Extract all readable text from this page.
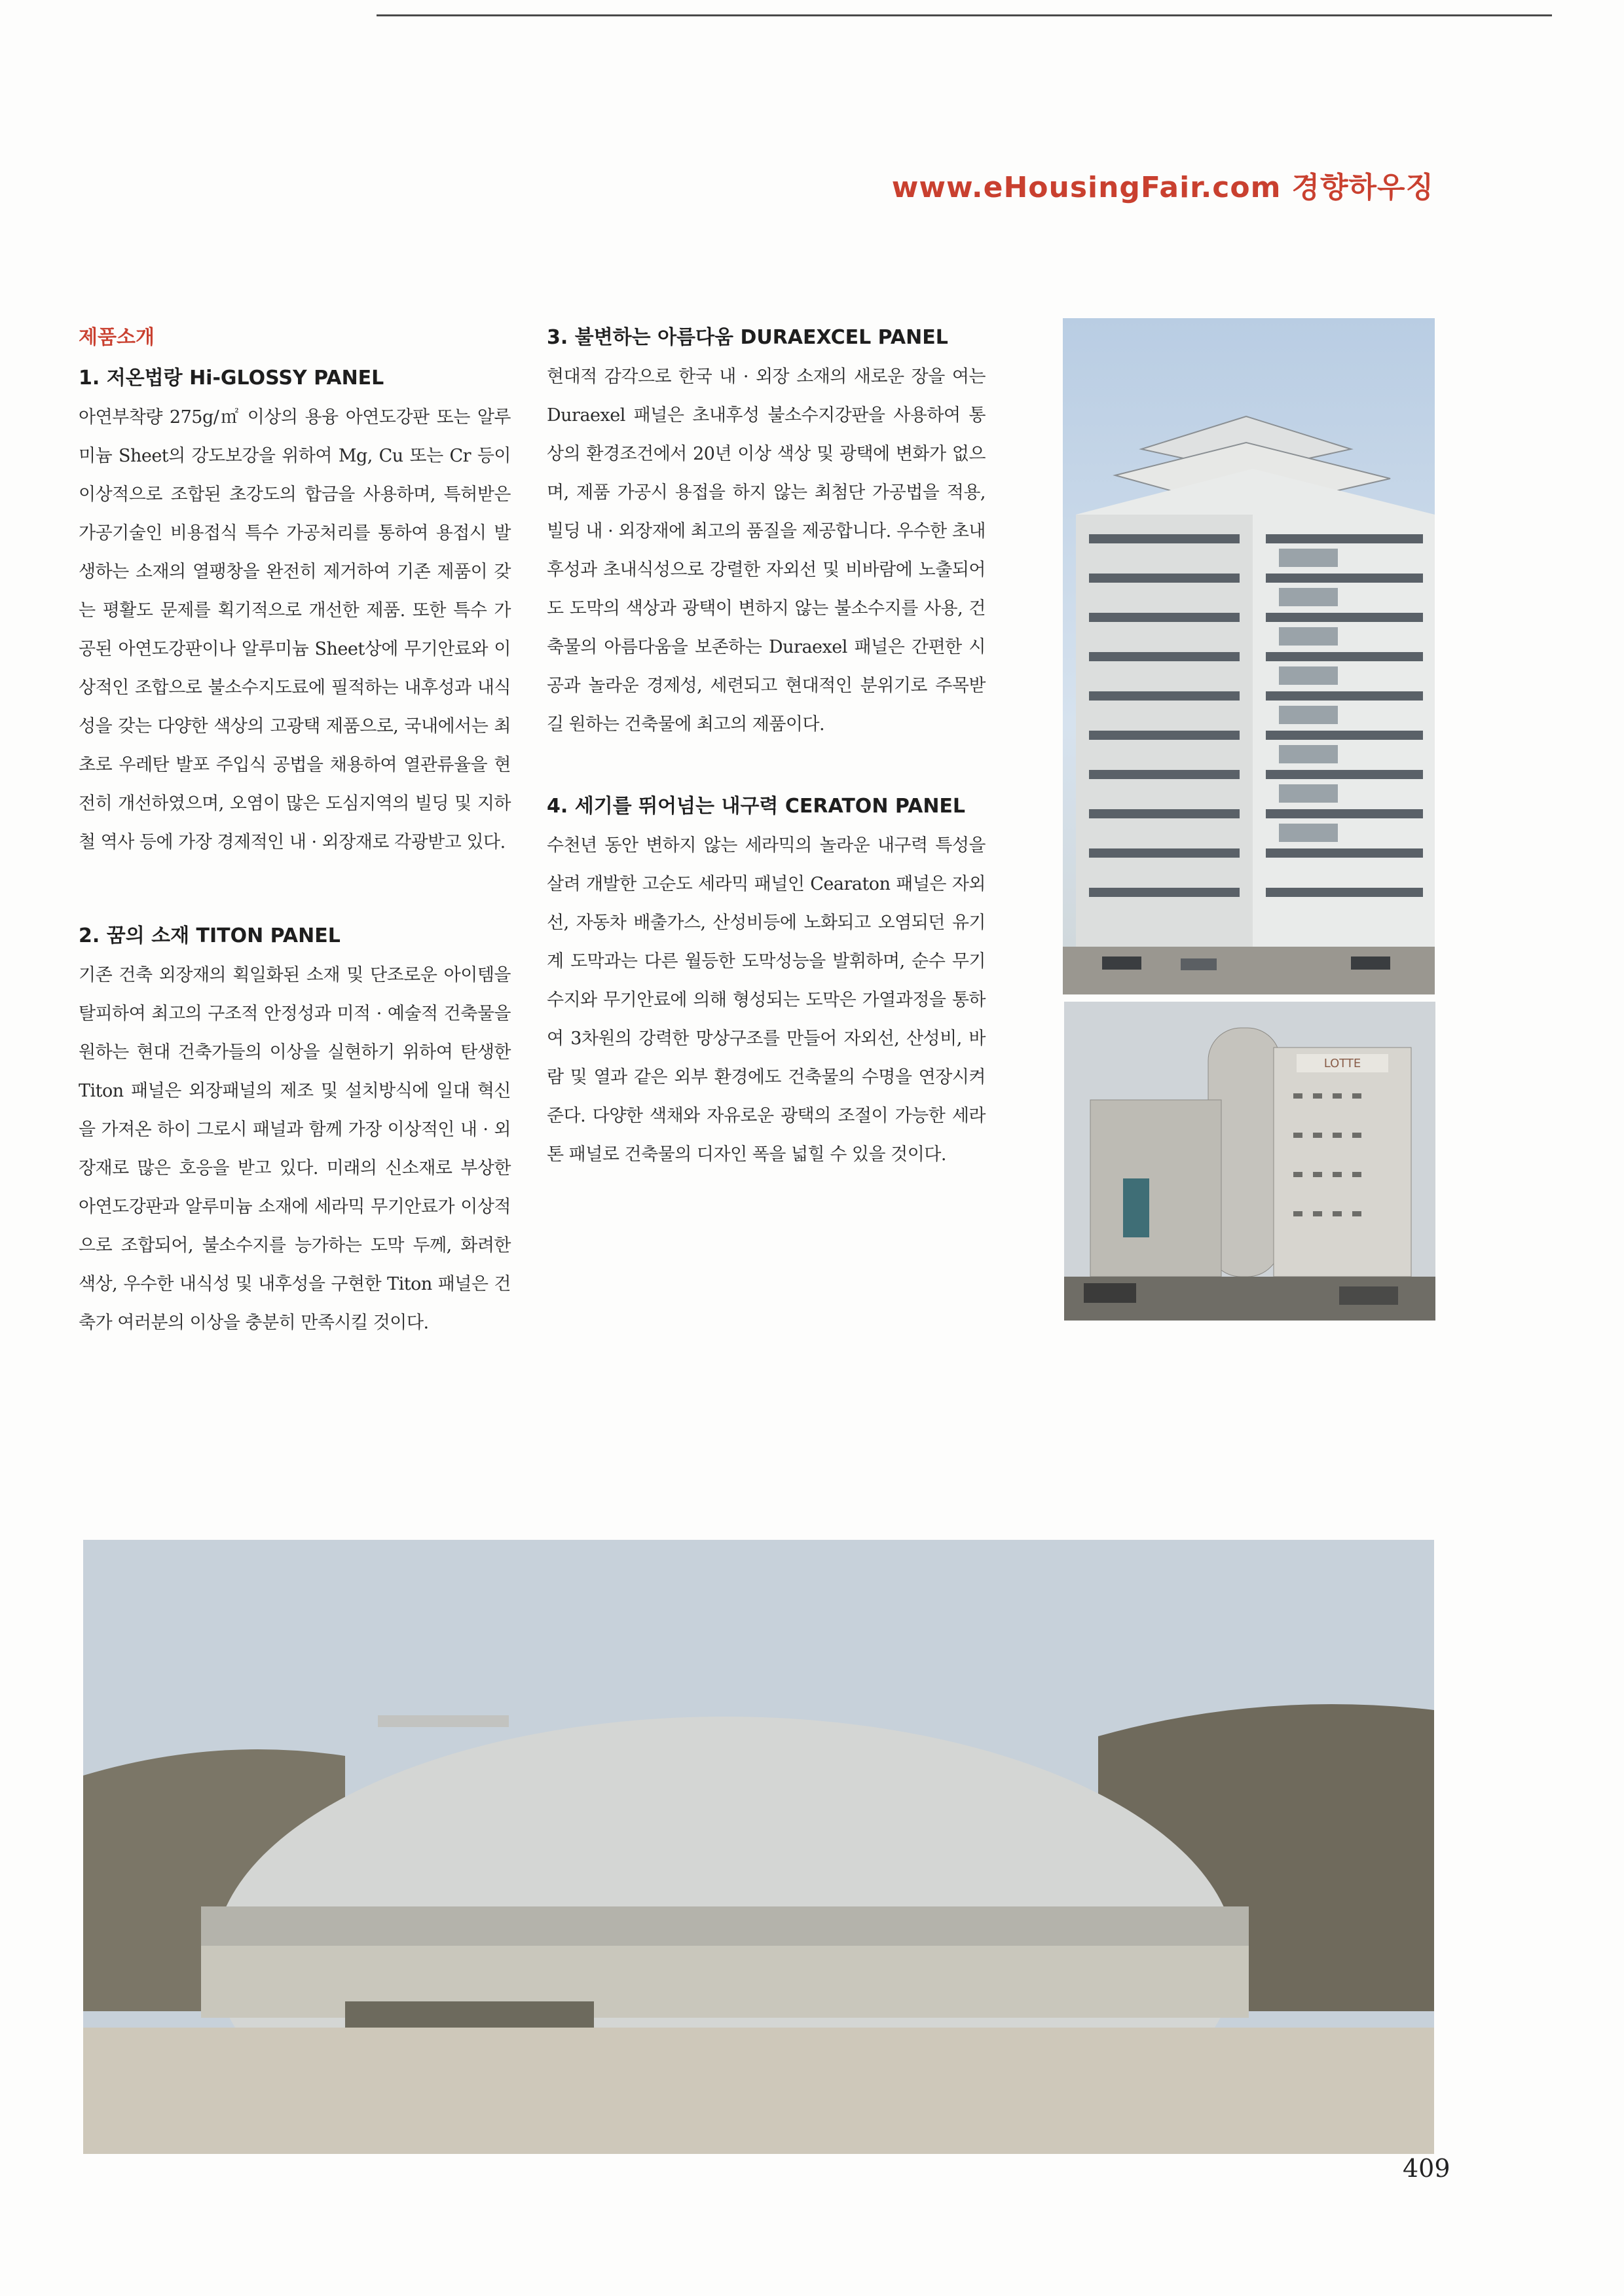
www.eHousingFair.com 경향하우징
제품소개
1. 저온법랑 Hi-GLOSSY PANEL

아연부착량 275g/㎡ 이상의 용융 아연도강판 또는 알루미늄 Sheet의 강도보강을 위하여 Mg, Cu 또는 Cr 등이 이상적으로 조합된 초강도의 합금을 사용하며, 특허받은 가공기술인 비용접식 특수 가공처리를 통하여 용접시 발생하는 소재의 열팽창을 완전히 제거하여 기존 제품이 갖는 평활도 문제를 획기적으로 개선한 제품. 또한 특수 가공된 아연도강판이나 알루미늄 Sheet상에 무기안료와 이상적인 조합으로 불소수지도료에 필적하는 내후성과 내식성을 갖는 다양한 색상의 고광택 제품으로, 국내에서는 최초로 우레탄 발포 주입식 공법을 채용하여 열관류율을 현전히 개선하였으며, 오염이 많은 도심지역의 빌딩 및 지하철 역사 등에 가장 경제적인 내 · 외장재로 각광받고 있다.

2. 꿈의 소재 TITON PANEL

기존 건축 외장재의 획일화된 소재 및 단조로운 아이템을 탈피하여 최고의 구조적 안정성과 미적 · 예술적 건축물을 원하는 현대 건축가들의 이상을 실현하기 위하여 탄생한 Titon 패널은 외장패널의 제조 및 설치방식에 일대 혁신을 가져온 하이 그로시 패널과 함께 가장 이상적인 내 · 외장재로 많은 호응을 받고 있다. 미래의 신소재로 부상한 아연도강판과 알루미늄 소재에 세라믹 무기안료가 이상적으로 조합되어, 불소수지를 능가하는 도막 두께, 화려한 색상, 우수한 내식성 및 내후성을 구현한 Titon 패널은 건축가 여러분의 이상을 충분히 만족시킬 것이다.

3. 불변하는 아름다움 DURAEXCEL PANEL

현대적 감각으로 한국 내 · 외장 소재의 새로운 장을 여는 Duraexel 패널은 초내후성 불소수지강판을 사용하여 통상의 환경조건에서 20년 이상 색상 및 광택에 변화가 없으며, 제품 가공시 용접을 하지 않는 최첨단 가공법을 적용, 빌딩 내 · 외장재에 최고의 품질을 제공합니다. 우수한 초내후성과 초내식성으로 강렬한 자외선 및 비바람에 노출되어도 도막의 색상과 광택이 변하지 않는 불소수지를 사용, 건축물의 아름다움을 보존하는 Duraexel 패널은 간편한 시공과 놀라운 경제성, 세련되고 현대적인 분위기로 주목받길 원하는 건축물에 최고의 제품이다.

4. 세기를 뛰어넘는 내구력 CERATON PANEL

수천년 동안 변하지 않는 세라믹의 놀라운 내구력 특성을 살려 개발한 고순도 세라믹 패널인 Cearaton 패널은 자외선, 자동차 배출가스, 산성비등에 노화되고 오염되던 유기계 도막과는 다른 월등한 도막성능을 발휘하며, 순수 무기수지와 무기안료에 의해 형성되는 도막은 가열과정을 통하여 3차원의 강력한 망상구조를 만들어 자외선, 산성비, 바람 및 열과 같은 외부 환경에도 건축물의 수명을 연장시켜 준다. 다양한 색채와 자유로운 광택의 조절이 가능한 세라톤 패널로 건축물의 디자인 폭을 넓힐 수 있을 것이다.

LOTTE
409
